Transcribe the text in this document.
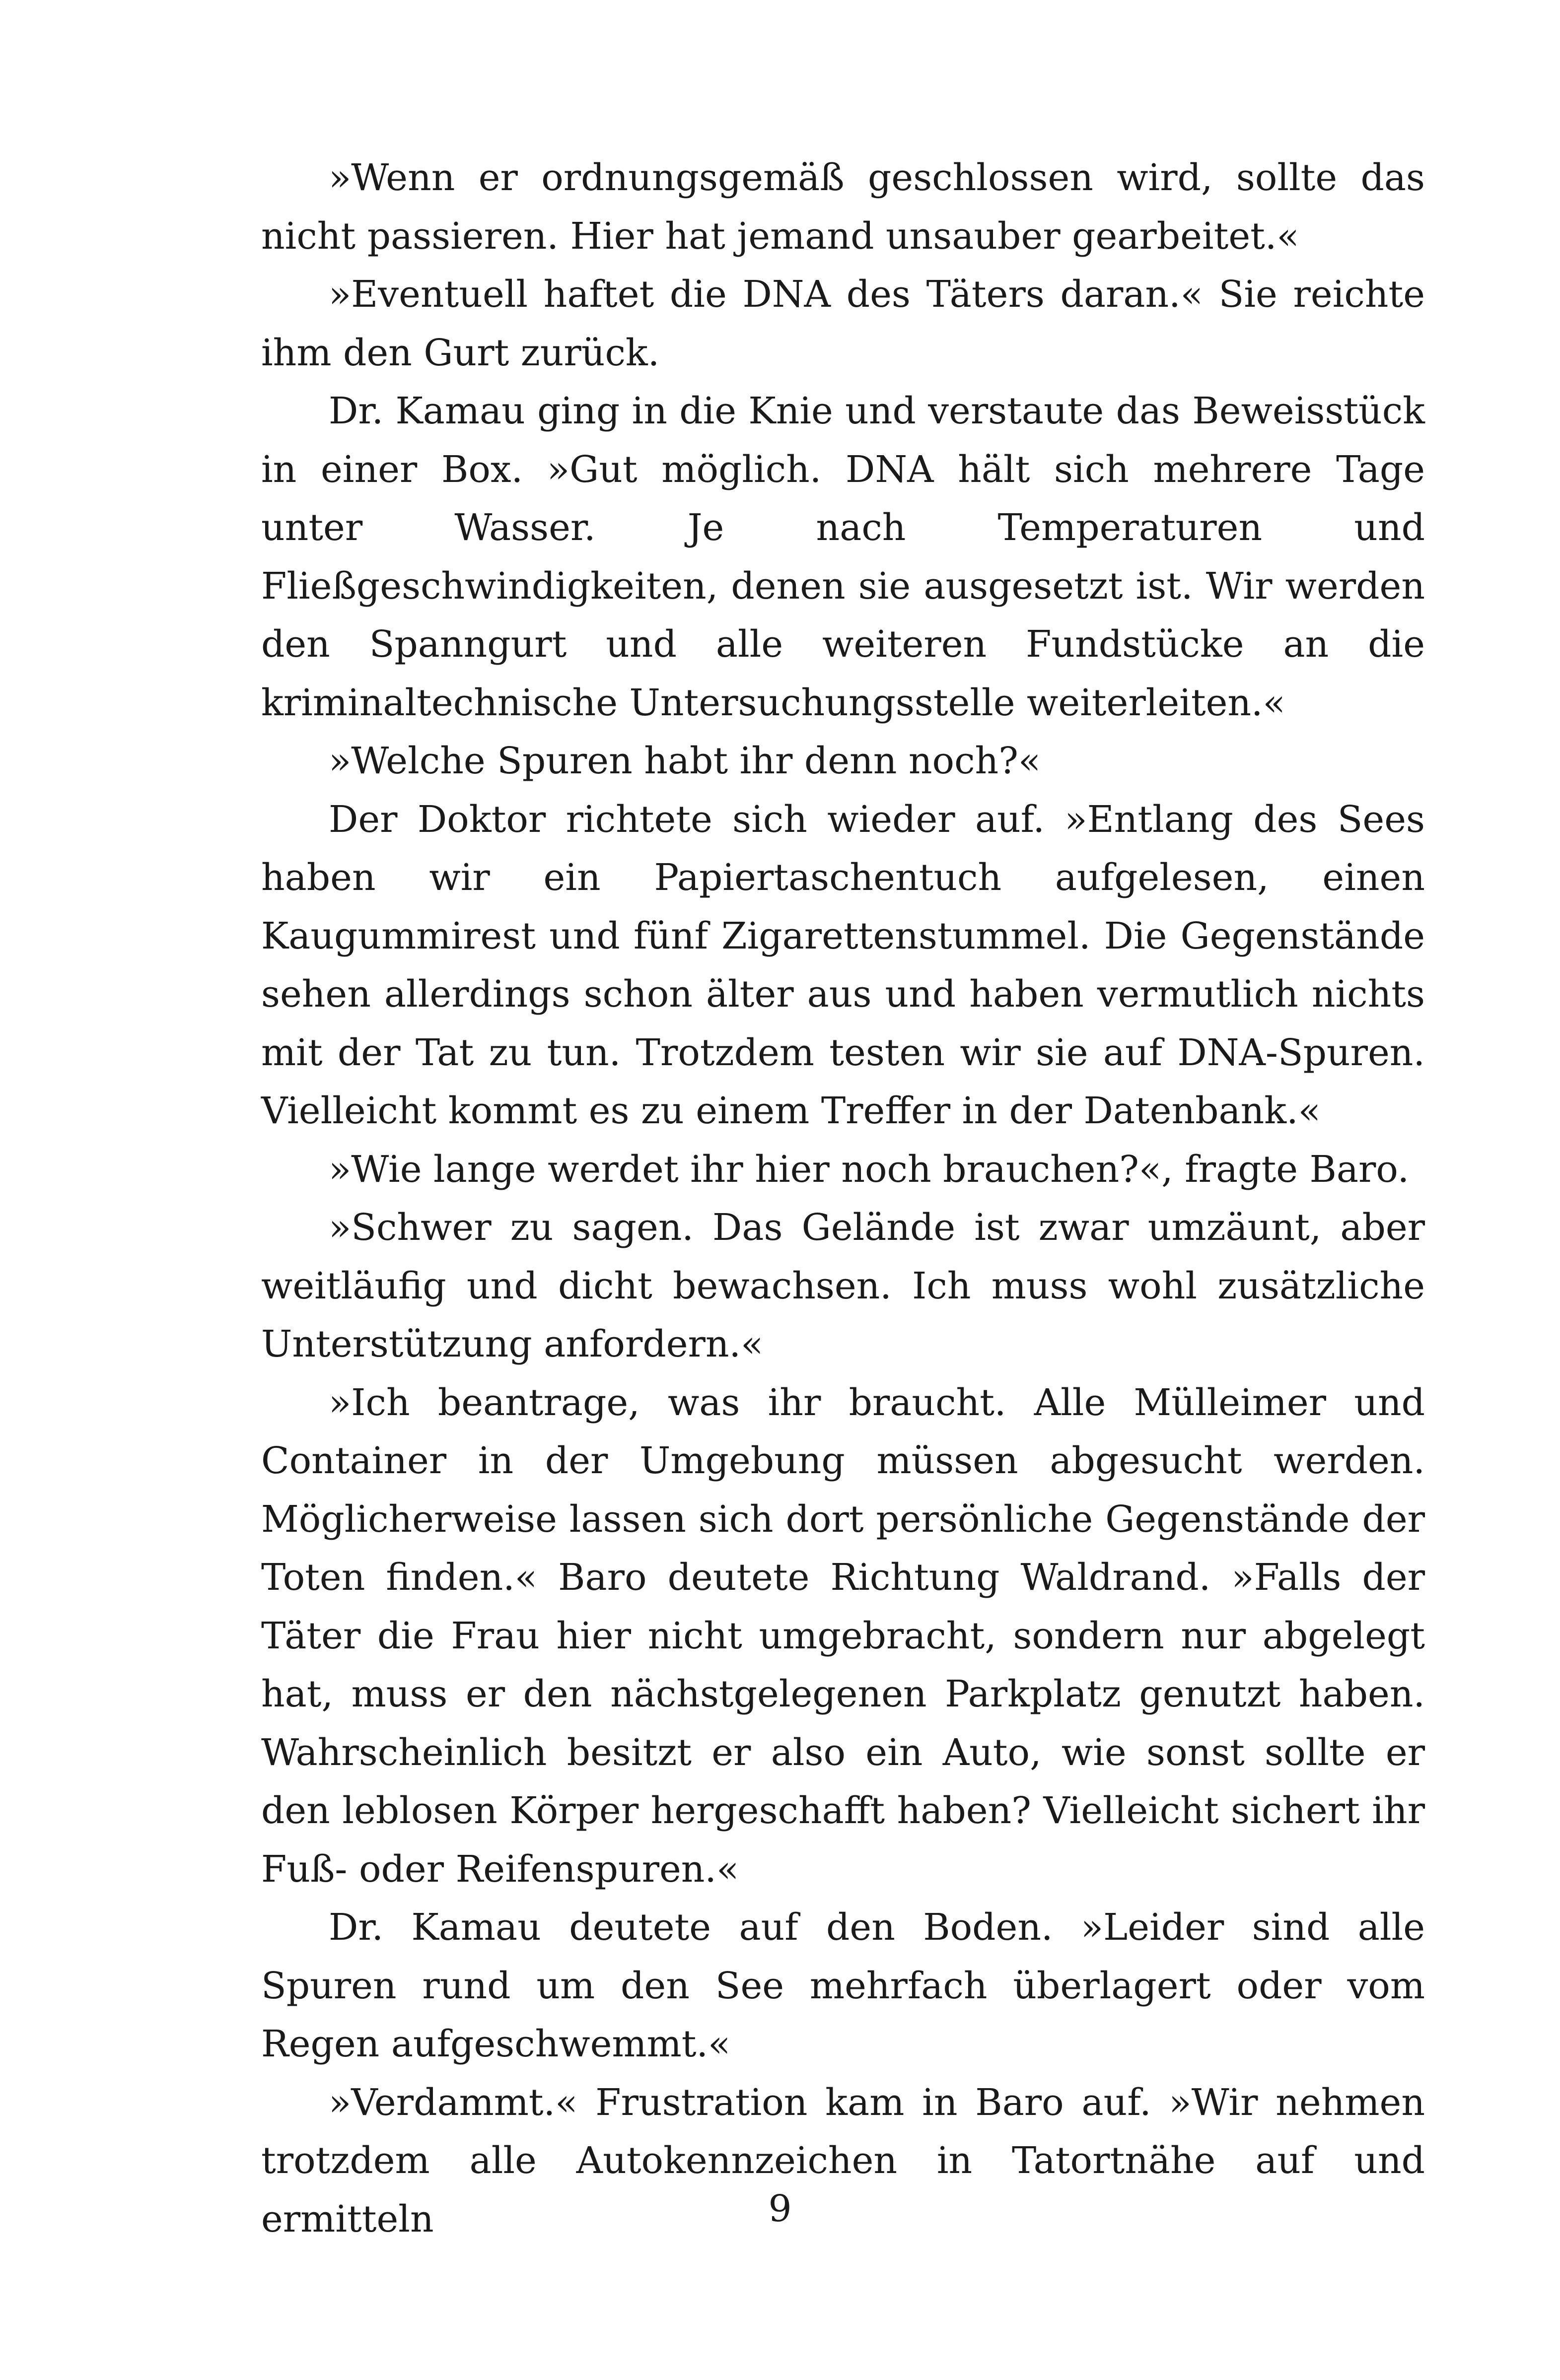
»Wenn er ordnungsgemäß geschlossen wird, sollte das nicht passieren. Hier hat jemand unsauber gearbeitet.«

»Eventuell haftet die DNA des Täters daran.« Sie reichte ihm den Gurt zurück.

Dr. Kamau ging in die Knie und verstaute das Beweisstück in einer Box. »Gut möglich. DNA hält sich mehrere Tage unter Wasser. Je nach Temperaturen und Fließgeschwindigkeiten, denen sie ausgesetzt ist. Wir werden den Spanngurt und alle weiteren Fundstücke an die kriminaltechnische Untersuchungsstelle weiterleiten.«

»Welche Spuren habt ihr denn noch?«

Der Doktor richtete sich wieder auf. »Entlang des Sees haben wir ein Papiertaschentuch aufgelesen, einen Kaugummirest und fünf Zigarettenstummel. Die Gegenstände sehen allerdings schon älter aus und haben vermutlich nichts mit der Tat zu tun. Trotzdem testen wir sie auf DNA-Spuren. Vielleicht kommt es zu einem Treffer in der Datenbank.«

»Wie lange werdet ihr hier noch brauchen?«, fragte Baro.

»Schwer zu sagen. Das Gelände ist zwar umzäunt, aber weitläufig und dicht bewachsen. Ich muss wohl zusätzliche Unterstützung anfordern.«

»Ich beantrage, was ihr braucht. Alle Mülleimer und Container in der Umgebung müssen abgesucht werden. Möglicherweise lassen sich dort persönliche Gegenstände der Toten finden.« Baro deutete Richtung Waldrand. »Falls der Täter die Frau hier nicht umgebracht, sondern nur abgelegt hat, muss er den nächstgelegenen Parkplatz genutzt haben. Wahrscheinlich besitzt er also ein Auto, wie sonst sollte er den leblosen Körper hergeschafft haben? Vielleicht sichert ihr Fuß- oder Reifenspuren.«

Dr. Kamau deutete auf den Boden. »Leider sind alle Spuren rund um den See mehrfach überlagert oder vom Regen aufgeschwemmt.«

»Verdammt.« Frustration kam in Baro auf. »Wir nehmen trotzdem alle Autokennzeichen in Tatortnähe auf und ermitteln	9
